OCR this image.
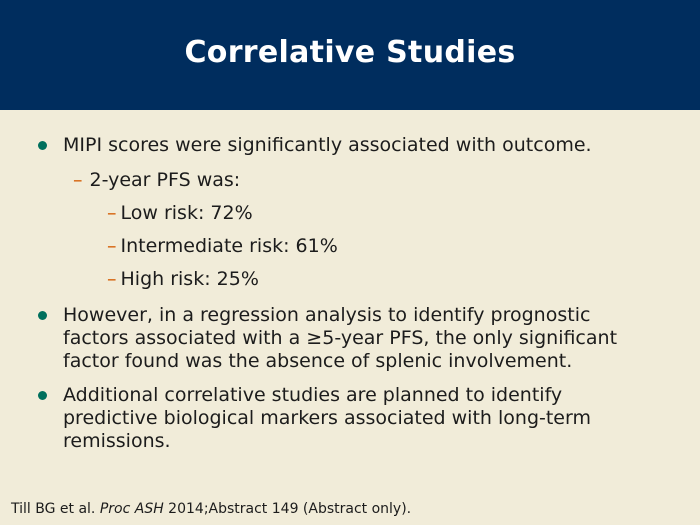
Correlative Studies
MIPI scores were significantly associated with outcome.
– 2-year PFS was:
– Low risk: 72%
– Intermediate risk: 61%
– High risk: 25%
However, in a regression analysis to identify prognostic
factors associated with a ≥5-year PFS, the only significant
factor found was the absence of splenic involvement.
Additional correlative studies are planned to identify
predictive biological markers associated with long-term
remissions.
Till BG et al. Proc ASH 2014;Abstract 149 (Abstract only).
